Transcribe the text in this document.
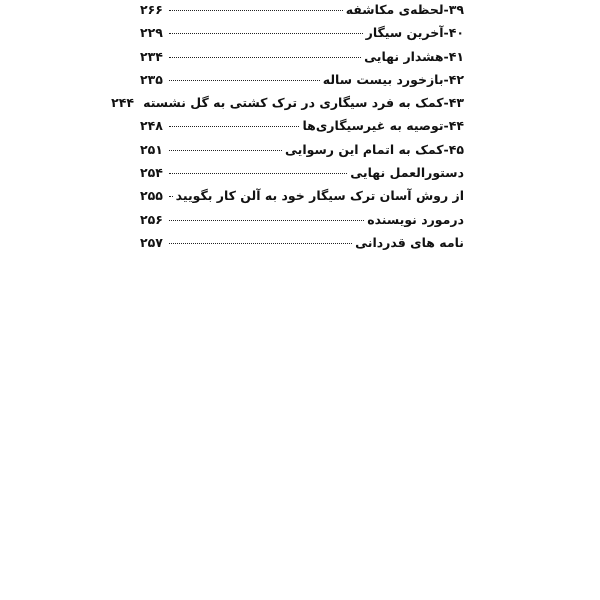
۳۹-لحظه‌ی مکاشفه
۲۶۶
۴۰-آخرین سیگار
۲۲۹
۴۱-هشدار نهایی
۲۳۴
۴۲-بازخورد بیست ساله
۲۳۵
۴۳-کمک به فرد سیگاری در ترک کشتی به گل نشسته
۲۴۴
۴۴-توصیه به غیرسیگاری‌ها
۲۴۸
۴۵-کمک به اتمام این رسوایی
۲۵۱
دستورالعمل نهایی
۲۵۴
از روش آسان ترک سیگار خود به آلن کار بگویید
۲۵۵
درمورد نویسنده
۲۵۶
نامه های قدردانی
۲۵۷
